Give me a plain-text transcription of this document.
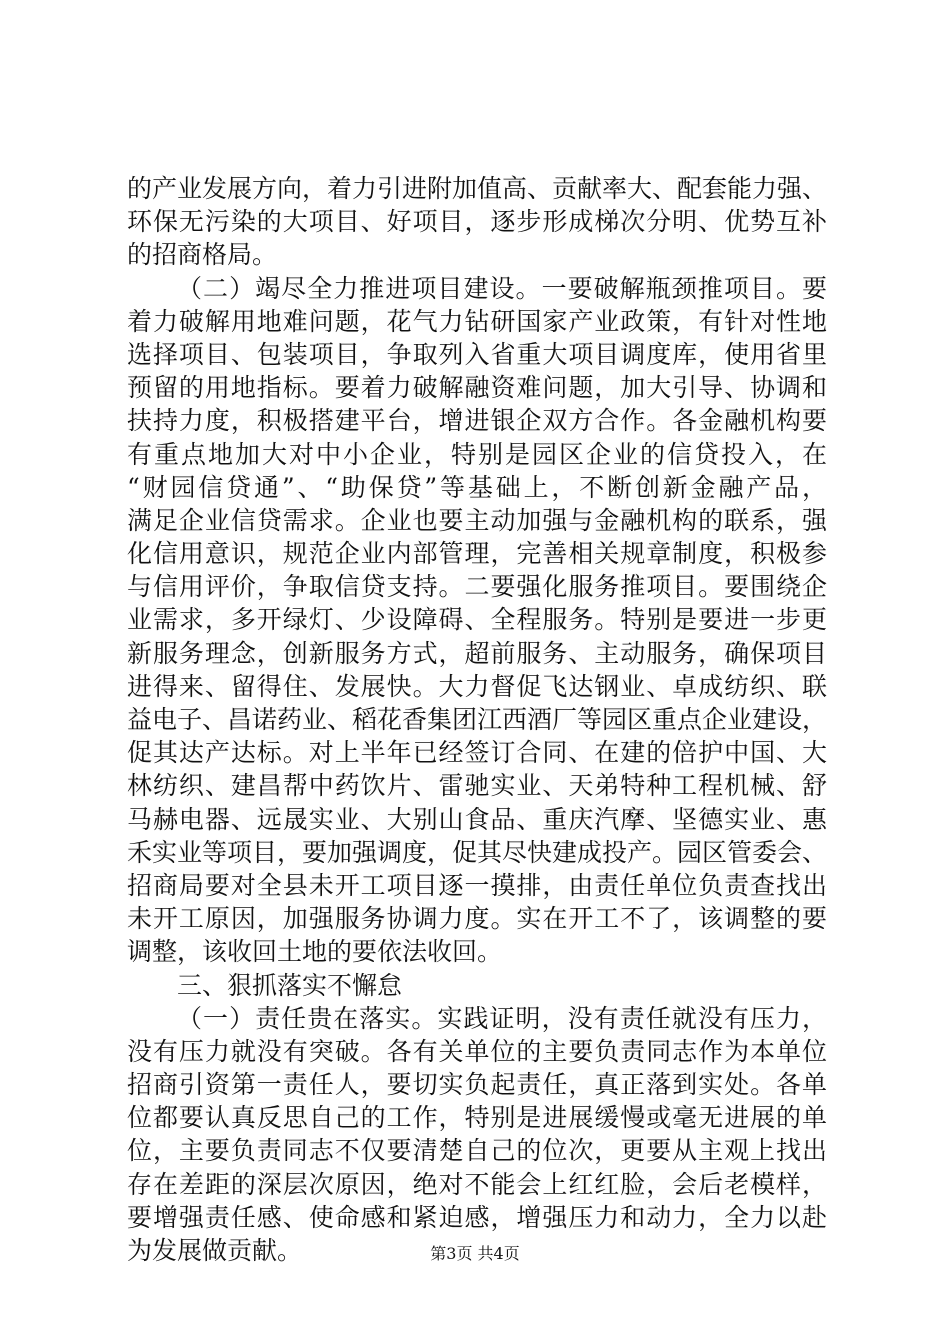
的产业发展方向，着力引进附加值高、贡献率大、配套能力强、
环保无污染的大项目、好项目，逐步形成梯次分明、优势互补
的招商格局。
（二）竭尽全力推进项目建设。一要破解瓶颈推项目。要
着力破解用地难问题，花气力钻研国家产业政策，有针对性地
选择项目、包装项目，争取列入省重大项目调度库，使用省里
预留的用地指标。要着力破解融资难问题，加大引导、协调和
扶持力度，积极搭建平台，增进银企双方合作。各金融机构要
有重点地加大对中小企业，特别是园区企业的信贷投入，在
“财园信贷通”、“助保贷”等基础上，不断创新金融产品，
满足企业信贷需求。企业也要主动加强与金融机构的联系，强
化信用意识，规范企业内部管理，完善相关规章制度，积极参
与信用评价，争取信贷支持。二要强化服务推项目。要围绕企
业需求，多开绿灯、少设障碍、全程服务。特别是要进一步更
新服务理念，创新服务方式，超前服务、主动服务，确保项目
进得来、留得住、发展快。大力督促飞达钢业、卓成纺织、联
益电子、昌诺药业、稻花香集团江西酒厂等园区重点企业建设，
促其达产达标。对上半年已经签订合同、在建的倍护中国、大
林纺织、建昌帮中药饮片、雷驰实业、天弟特种工程机械、舒
马赫电器、远晟实业、大别山食品、重庆汽摩、坚德实业、惠
禾实业等项目，要加强调度，促其尽快建成投产。园区管委会、
招商局要对全县未开工项目逐一摸排，由责任单位负责查找出
未开工原因，加强服务协调力度。实在开工不了，该调整的要
调整，该收回土地的要依法收回。
三、狠抓落实不懈怠
（一）责任贵在落实。实践证明，没有责任就没有压力，
没有压力就没有突破。各有关单位的主要负责同志作为本单位
招商引资第一责任人，要切实负起责任，真正落到实处。各单
位都要认真反思自己的工作，特别是进展缓慢或毫无进展的单
位，主要负责同志不仅要清楚自己的位次，更要从主观上找出
存在差距的深层次原因，绝对不能会上红红脸，会后老模样，
要增强责任感、使命感和紧迫感，增强压力和动力，全力以赴
为发展做贡献。	第3页 共4页
